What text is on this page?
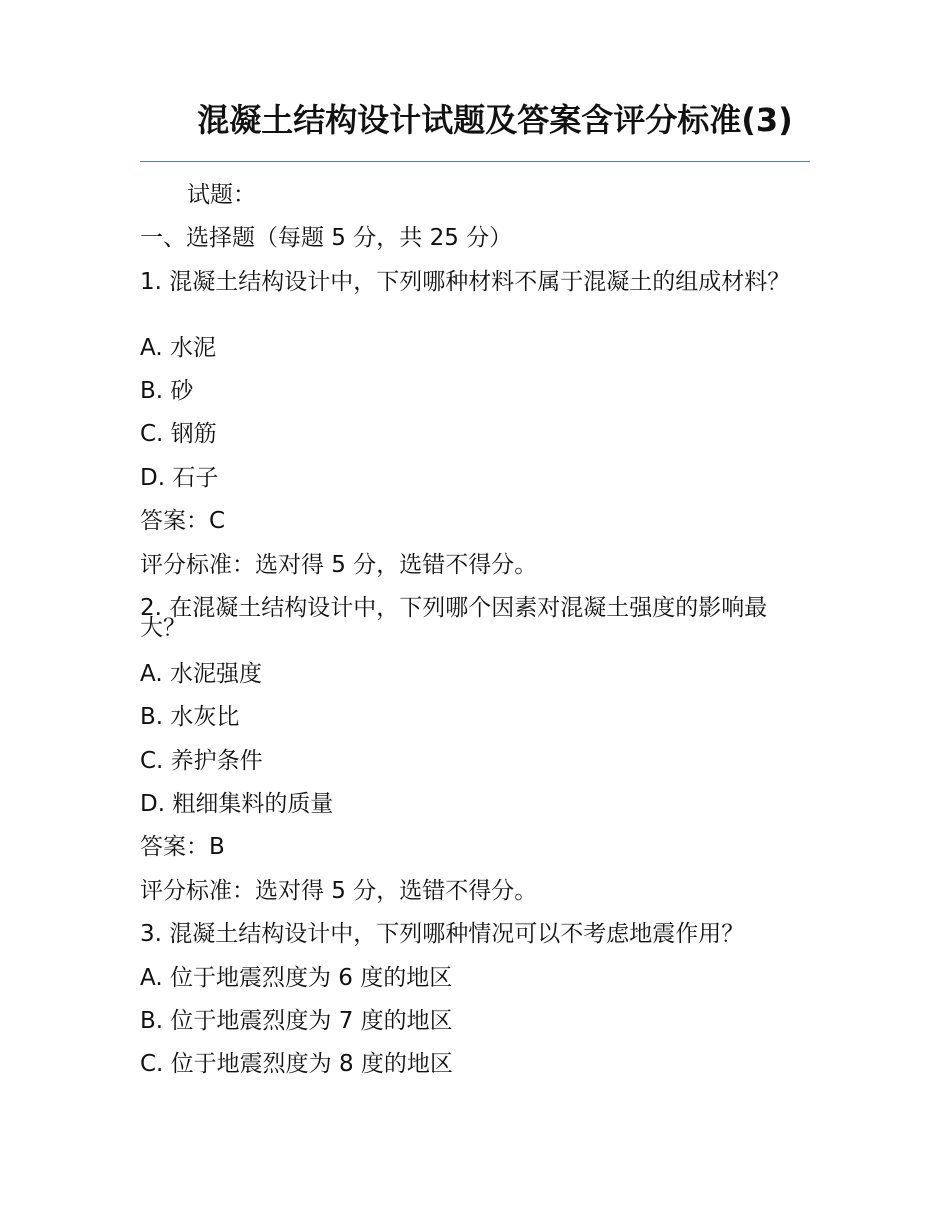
混凝土结构设计试题及答案含评分标准(3)
试题：
一、选择题（每题 5 分，共 25 分）
1. 混凝土结构设计中，下列哪种材料不属于混凝土的组成材料？
A. 水泥
B. 砂
C. 钢筋
D. 石子
答案：C
评分标准：选对得 5 分，选错不得分。
2. 在混凝土结构设计中，下列哪个因素对混凝土强度的影响最大？
A. 水泥强度
B. 水灰比
C. 养护条件
D. 粗细集料的质量
答案：B
评分标准：选对得 5 分，选错不得分。
3. 混凝土结构设计中，下列哪种情况可以不考虑地震作用？
A. 位于地震烈度为 6 度的地区
B. 位于地震烈度为 7 度的地区
C. 位于地震烈度为 8 度的地区
